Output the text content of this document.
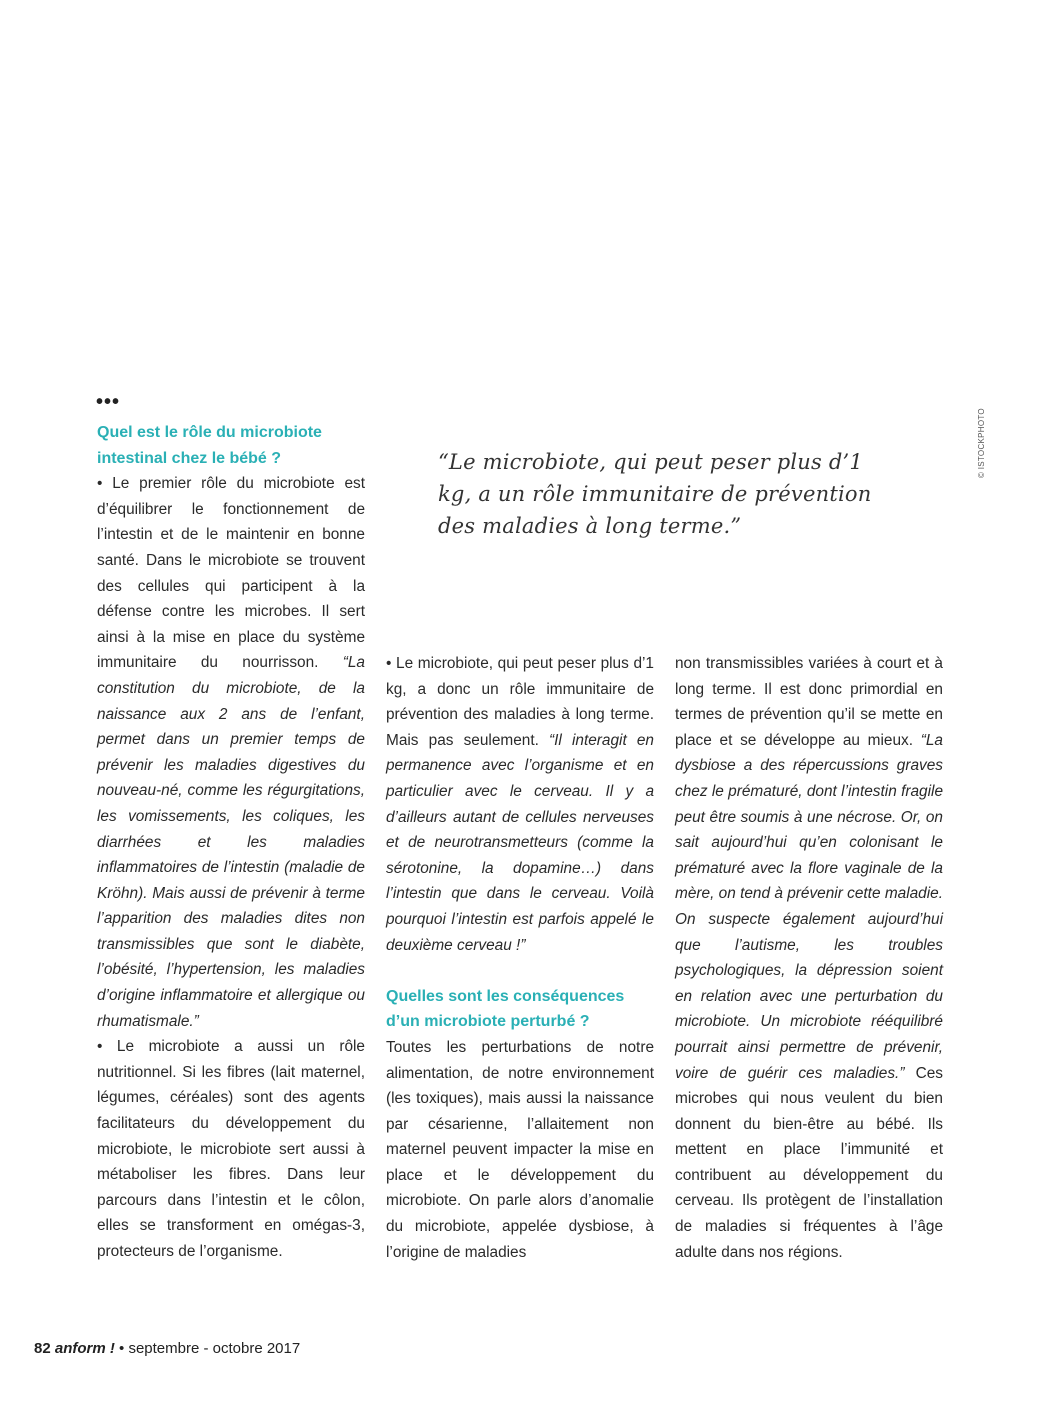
© ISTOCKPHOTO
•••
“Le microbiote, qui peut peser plus d’1 kg, a un rôle immunitaire de prévention des maladies à long terme.”

Quel est le rôle du microbiote intestinal chez le bébé ?

• Le premier rôle du microbiote est d’équilibrer le fonctionnement de l’intestin et de le maintenir en bonne santé. Dans le microbiote se trouvent des cellules qui participent à la défense contre les microbes. Il sert ainsi à la mise en place du système immunitaire du nourrisson. “La constitution du microbiote, de la naissance aux 2 ans de l’enfant, permet dans un premier temps de prévenir les maladies digestives du nouveau-né, comme les régurgitations, les vomissements, les coliques, les diarrhées et les maladies inflammatoires de l’intestin (maladie de Kröhn). Mais aussi de prévenir à terme l’apparition des maladies dites non transmissibles que sont le diabète, l’obésité, l’hypertension, les maladies d’origine inflammatoire et allergique ou rhumatismale.”

• Le microbiote a aussi un rôle nutritionnel. Si les fibres (lait maternel, légumes, céréales) sont des agents facilitateurs du développement du microbiote, le microbiote sert aussi à métaboliser les fibres. Dans leur parcours dans l’intestin et le côlon, elles se transforment en omégas-3, protecteurs de l’organisme.

• Le microbiote, qui peut peser plus d’1 kg, a donc un rôle immunitaire de prévention des maladies à long terme. Mais pas seulement. “Il interagit en permanence avec l’organisme et en particulier avec le cerveau. Il y a d’ailleurs autant de cellules nerveuses et de neurotransmetteurs (comme la sérotonine, la dopamine…) dans l’intestin que dans le cerveau. Voilà pourquoi l’intestin est parfois appelé le deuxième cerveau !”

Quelles sont les conséquences d’un microbiote perturbé ?

Toutes les perturbations de notre alimentation, de notre environnement (les toxiques), mais aussi la naissance par césarienne, l’allaitement non maternel peuvent impacter la mise en place et le développement du microbiote. On parle alors d’anomalie du microbiote, appelée dysbiose, à l’origine de maladies

non transmissibles variées à court et à long terme. Il est donc primordial en termes de prévention qu’il se mette en place et se développe au mieux. “La dysbiose a des répercussions graves chez le prématuré, dont l’intestin fragile peut être soumis à une nécrose. Or, on sait aujourd’hui qu’en colonisant le prématuré avec la flore vaginale de la mère, on tend à prévenir cette maladie. On suspecte également aujourd’hui que l’autisme, les troubles psychologiques, la dépression soient en relation avec une perturbation du microbiote. Un microbiote rééquilibré pourrait ainsi permettre de prévenir, voire de guérir ces maladies.” Ces microbes qui nous veulent du bien donnent du bien-être au bébé. Ils mettent en place l’immunité et contribuent au développement du cerveau. Ils protègent de l’installation de maladies si fréquentes à l’âge adulte dans nos régions.

82 anform ! • septembre - octobre 2017
